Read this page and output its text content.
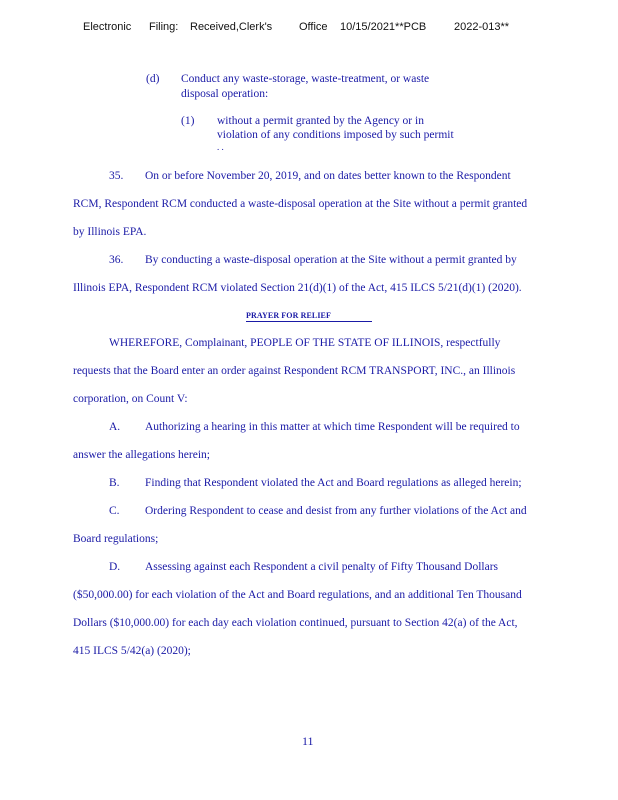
Electronic Filing: Received,Clerk's Office 10/15/2021**PCB	2022-013**
(d) Conduct any waste-storage, waste-treatment, or waste
disposal operation:
(1) without a permit granted by the Agency or in
violation of any conditions imposed by such permit
. .
35. On or before November 20, 2019, and on dates better known to the Respondent
RCM, Respondent RCM conducted a waste-disposal operation at the Site without a permit granted
by Illinois EPA.
36. By conducting a waste-disposal operation at the Site without a permit granted by
Illinois EPA, Respondent RCM violated Section 21(d)(1) of the Act, 415 ILCS 5/21(d)(1) (2020).
PRAYER FOR RELIEF
WHEREFORE, Complainant, PEOPLE OF THE STATE OF ILLINOIS, respectfully
requests that the Board enter an order against Respondent RCM TRANSPORT, INC., an Illinois
corporation, on Count V:
A. Authorizing a hearing in this matter at which time Respondent will be required to
answer the allegations herein;
B. Finding that Respondent violated the Act and Board regulations as alleged herein;
C. Ordering Respondent to cease and desist from any further violations of the Act and
Board regulations;
D. Assessing against each Respondent a civil penalty of Fifty Thousand Dollars
($50,000.00) for each violation of the Act and Board regulations, and an additional Ten Thousand
Dollars ($10,000.00) for each day each violation continued, pursuant to Section 42(a) of the Act,
415 ILCS 5/42(a) (2020);
11
